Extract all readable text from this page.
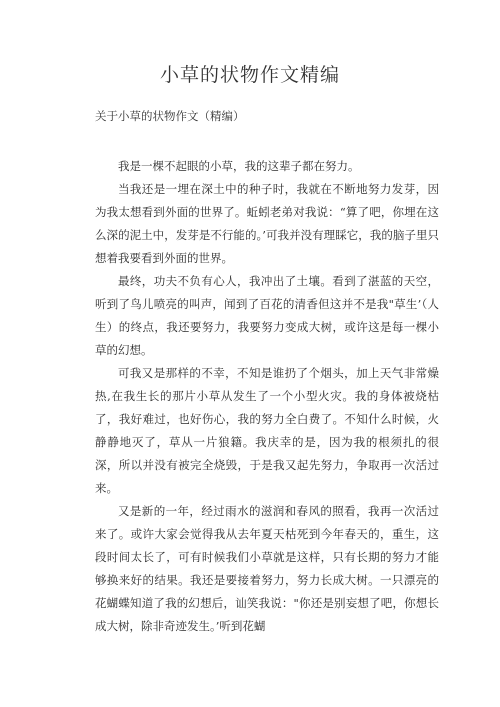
小草的状物作文精编
关于小草的状物作文（精编）

我是一棵不起眼的小草，我的这辈子都在努力。

当我还是一埋在深土中的种子时，我就在不断地努力发芽，因为我太想看到外面的世界了。蚯蚓老弟对我说：“算了吧，你埋在这么深的泥土中，发芽是不行能的。’可我并没有理睬它，我的脑子里只想着我要看到外面的世界。

最终，功夫不负有心人，我冲出了土壤。看到了湛蓝的天空，听到了鸟儿喷亮的叫声，闻到了百花的清香但这并不是我"草生’（人生）的终点，我还要努力，我要努力变成大树，或许这是每一棵小草的幻想。

可我又是那样的不幸，不知是谁扔了个烟头，加上天气非常燥热,在我生长的那片小草从发生了一个小型火灾。我的身体被烧枯了，我好难过，也好伤心，我的努力全白费了。不知什么时候，火静静地灭了，草从一片狼籍。我庆幸的是，因为我的根须扎的很深，所以并没有被完全烧毁，于是我又起先努力，争取再一次活过来。

又是新的一年，经过雨水的滋润和春风的照看，我再一次活过来了。或许大家会觉得我从去年夏天枯死到今年春天的，重生，这段时间太长了，可有时候我们小草就是这样，只有长期的努力才能够换来好的结果。我还是要接着努力，努力长成大树。一只漂亮的花蝴蝶知道了我的幻想后，讪笑我说："你还是别妄想了吧，你想长成大树，除非奇迹发生。’听到花蝴
